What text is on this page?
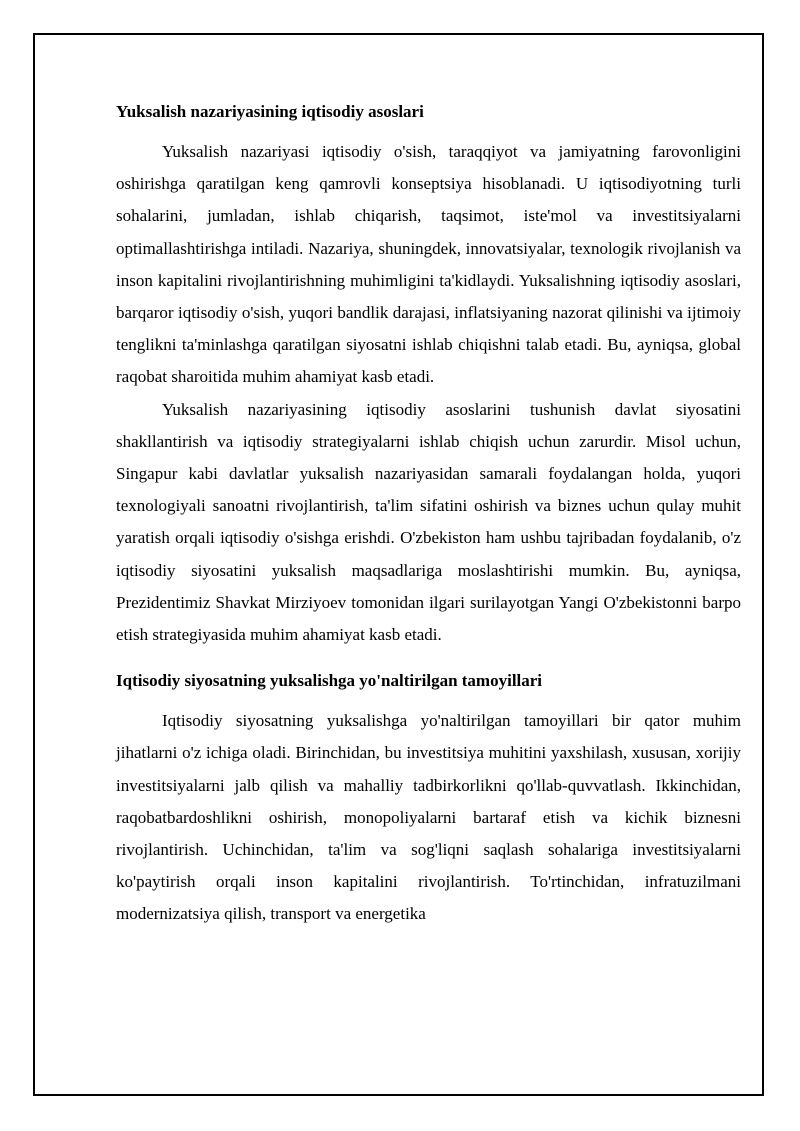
Yuksalish nazariyasining iqtisodiy asoslari

Yuksalish nazariyasi iqtisodiy o'sish, taraqqiyot va jamiyatning farovonligini oshirishga qaratilgan keng qamrovli konseptsiya hisoblanadi. U iqtisodiyotning turli sohalarini, jumladan, ishlab chiqarish, taqsimot, iste'mol va investitsiyalarni optimallashtirishga intiladi. Nazariya, shuningdek, innovatsiyalar, texnologik rivojlanish va inson kapitalini rivojlantirishning muhimligini ta'kidlaydi. Yuksalishning iqtisodiy asoslari, barqaror iqtisodiy o'sish, yuqori bandlik darajasi, inflatsiyaning nazorat qilinishi va ijtimoiy tenglikni ta'minlashga qaratilgan siyosatni ishlab chiqishni talab etadi. Bu, ayniqsa, global raqobat sharoitida muhim ahamiyat kasb etadi.

Yuksalish nazariyasining iqtisodiy asoslarini tushunish davlat siyosatini shakllantirish va iqtisodiy strategiyalarni ishlab chiqish uchun zarurdir. Misol uchun, Singapur kabi davlatlar yuksalish nazariyasidan samarali foydalangan holda, yuqori texnologiyali sanoatni rivojlantirish, ta'lim sifatini oshirish va biznes uchun qulay muhit yaratish orqali iqtisodiy o'sishga erishdi. O'zbekiston ham ushbu tajribadan foydalanib, o'z iqtisodiy siyosatini yuksalish maqsadlariga moslashtirishi mumkin. Bu, ayniqsa, Prezidentimiz Shavkat Mirziyoev tomonidan ilgari surilayotgan Yangi O'zbekistonni barpo etish strategiyasida muhim ahamiyat kasb etadi.

Iqtisodiy siyosatning yuksalishga yo'naltirilgan tamoyillari

Iqtisodiy siyosatning yuksalishga yo'naltirilgan tamoyillari bir qator muhim jihatlarni o'z ichiga oladi. Birinchidan, bu investitsiya muhitini yaxshilash, xususan, xorijiy investitsiyalarni jalb qilish va mahalliy tadbirkorlikni qo'llab-quvvatlash. Ikkinchidan, raqobatbardoshlikni oshirish, monopoliyalarni bartaraf etish va kichik biznesni rivojlantirish. Uchinchidan, ta'lim va sog'liqni saqlash sohalariga investitsiyalarni ko'paytirish orqali inson kapitalini rivojlantirish. To'rtinchidan, infratuzilmani modernizatsiya qilish, transport va energetika
